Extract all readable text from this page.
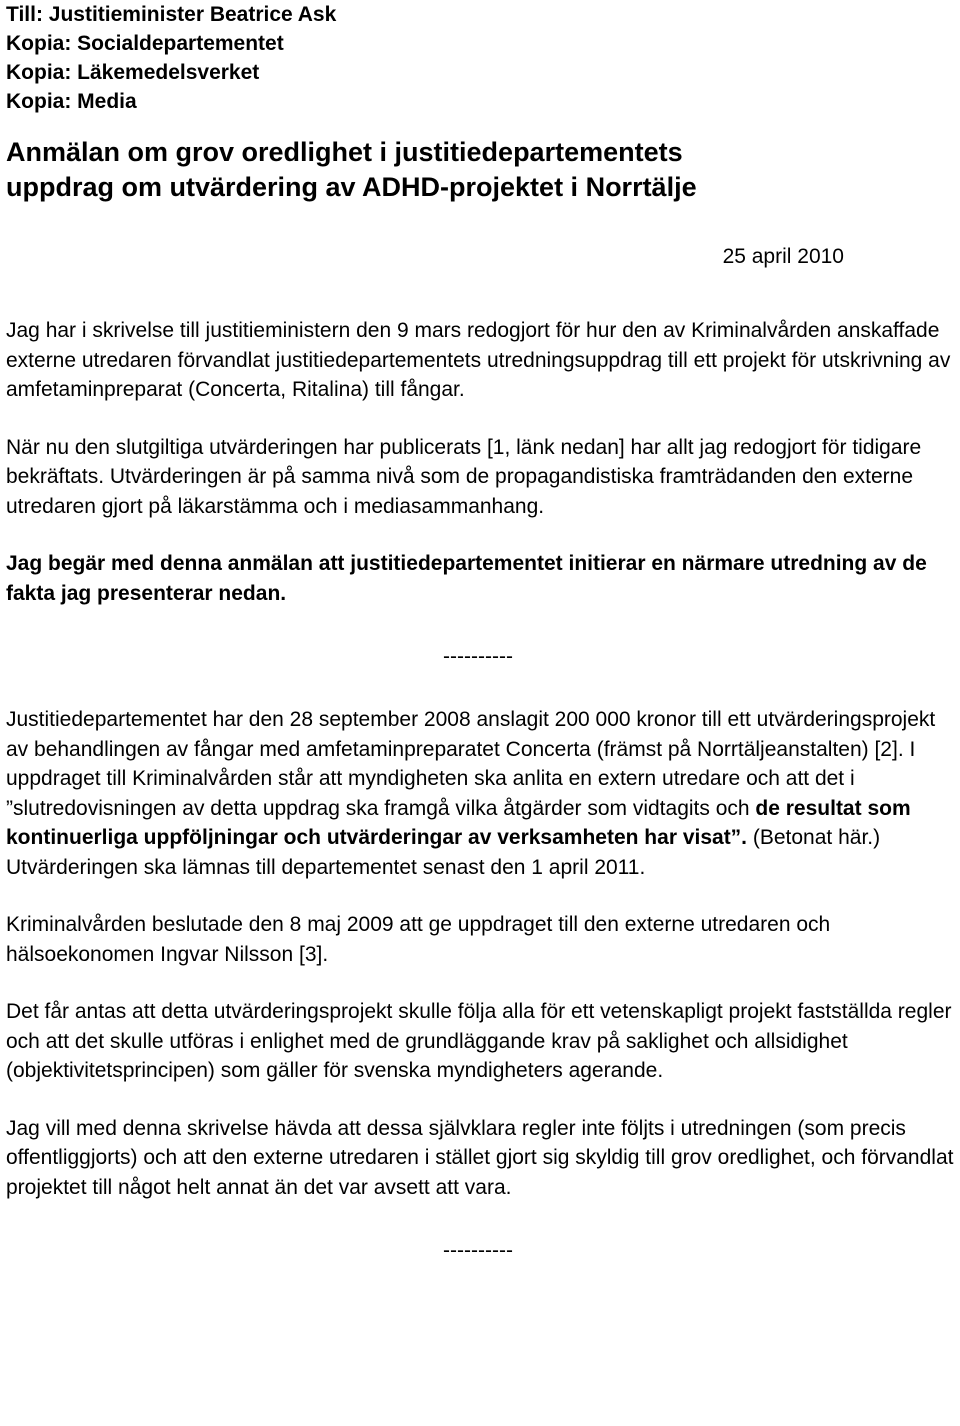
Till: Justitieminister Beatrice Ask
Kopia: Socialdepartementet
Kopia: Läkemedelsverket
Kopia: Media
Anmälan om grov oredlighet i justitiedepartementets
uppdrag om utvärdering av ADHD-projektet i Norrtälje
25 april 2010

Jag har i skrivelse till justitieministern den 9 mars redogjort för hur den av Kriminalvården anskaffade externe utredaren förvandlat justitiedepartementets utredningsuppdrag till ett projekt för utskrivning av amfetaminpreparat (Concerta, Ritalina) till fångar.

När nu den slutgiltiga utvärderingen har publicerats [1, länk nedan] har allt jag redogjort för tidigare bekräftats. Utvärderingen är på samma nivå som de propagandistiska framträdanden den externe utredaren gjort på läkarstämma och i mediasammanhang.

Jag begär med denna anmälan att justitiedepartementet initierar en närmare utredning av de fakta jag presenterar nedan.

----------

Justitiedepartementet har den 28 september 2008 anslagit 200 000 kronor till ett utvärderingsprojekt av behandlingen av fångar med amfetaminpreparatet Concerta (främst på Norrtäljeanstalten) [2]. I uppdraget till Kriminalvården står att myndigheten ska anlita en extern utredare och att det i ”slutredovisningen av detta uppdrag ska framgå vilka åtgärder som vidtagits och de resultat som kontinuerliga uppföljningar och utvärderingar av verksamheten har visat”. (Betonat här.) Utvärderingen ska lämnas till departementet senast den 1 april 2011.

Kriminalvården beslutade den 8 maj 2009 att ge uppdraget till den externe utredaren och hälsoekonomen Ingvar Nilsson [3].

Det får antas att detta utvärderingsprojekt skulle följa alla för ett vetenskapligt projekt fastställda regler och att det skulle utföras i enlighet med de grundläggande krav på saklighet och allsidighet (objektivitetsprincipen) som gäller för svenska myndigheters agerande.

Jag vill med denna skrivelse hävda att dessa självklara regler inte följts i utredningen (som precis offentliggjorts) och att den externe utredaren i stället gjort sig skyldig till grov oredlighet, och förvandlat projektet till något helt annat än det var avsett att vara.

----------
